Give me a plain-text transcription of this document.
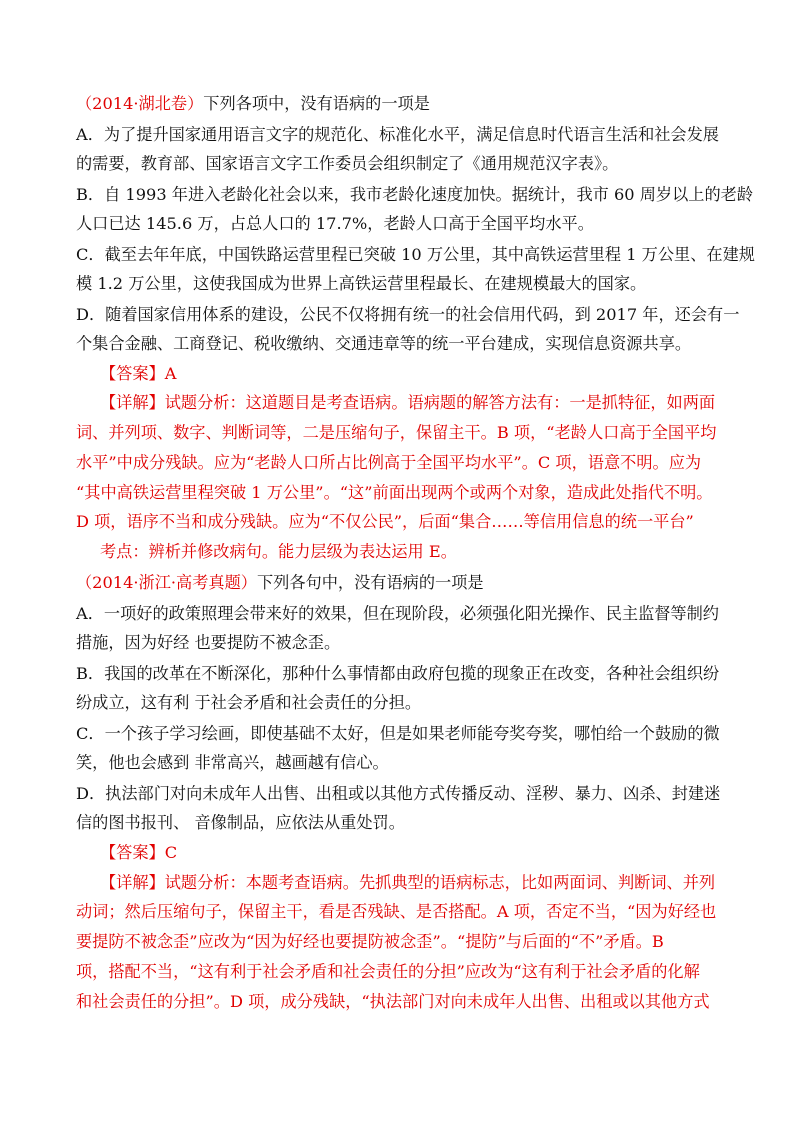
（2014·湖北卷）下列各项中，没有语病的一项是
A．为了提升国家通用语言文字的规范化、标准化水平，满足信息时代语言生活和社会发展
的需要，教育部、国家语言文字工作委员会组织制定了《通用规范汉字表》。
B．自 1993 年进入老龄化社会以来，我市老龄化速度加快。据统计，我市 60 周岁以上的老龄
人口已达 145.6 万，占总人口的 17.7%，老龄人口高于全国平均水平。
C．截至去年年底，中国铁路运营里程已突破 10 万公里，其中高铁运营里程 1 万公里、在建规
模 1.2 万公里，这使我国成为世界上高铁运营里程最长、在建规模最大的国家。
D．随着国家信用体系的建设，公民不仅将拥有统一的社会信用代码，到 2017 年，还会有一
个集合金融、工商登记、税收缴纳、交通违章等的统一平台建成，实现信息资源共享。
【答案】A
【详解】试题分析：这道题目是考查语病。语病题的解答方法有：一是抓特征，如两面
词、并列项、数字、判断词等，二是压缩句子，保留主干。B 项，“老龄人口高于全国平均
水平”中成分残缺。应为“老龄人口所占比例高于全国平均水平”。C 项，语意不明。应为
“其中高铁运营里程突破 1 万公里”。“这”前面出现两个或两个对象，造成此处指代不明。
D 项，语序不当和成分残缺。应为“不仅公民”，后面“集合……等信用信息的统一平台”
考点：辨析并修改病句。能力层级为表达运用 E。
（2014·浙江·高考真题）下列各句中，没有语病的一项是
A．一项好的政策照理会带来好的效果，但在现阶段，必须强化阳光操作、民主监督等制约
措施，因为好经 也要提防不被念歪。
B．我国的改革在不断深化，那种什么事情都由政府包揽的现象正在改变，各种社会组织纷
纷成立，这有利 于社会矛盾和社会责任的分担。
C．一个孩子学习绘画，即使基础不太好，但是如果老师能夸奖夸奖，哪怕给一个鼓励的微
笑，他也会感到 非常高兴，越画越有信心。
D．执法部门对向未成年人出售、出租或以其他方式传播反动、淫秽、暴力、凶杀、封建迷
信的图书报刊、 音像制品，应依法从重处罚。
【答案】C
【详解】试题分析：本题考查语病。先抓典型的语病标志，比如两面词、判断词、并列
动词；然后压缩句子，保留主干，看是否残缺、是否搭配。A 项，否定不当，“因为好经也
要提防不被念歪”应改为“因为好经也要提防被念歪”。“提防”与后面的“不”矛盾。B
项，搭配不当，“这有利于社会矛盾和社会责任的分担”应改为“这有利于社会矛盾的化解
和社会责任的分担”。D 项，成分残缺，“执法部门对向未成年人出售、出租或以其他方式
